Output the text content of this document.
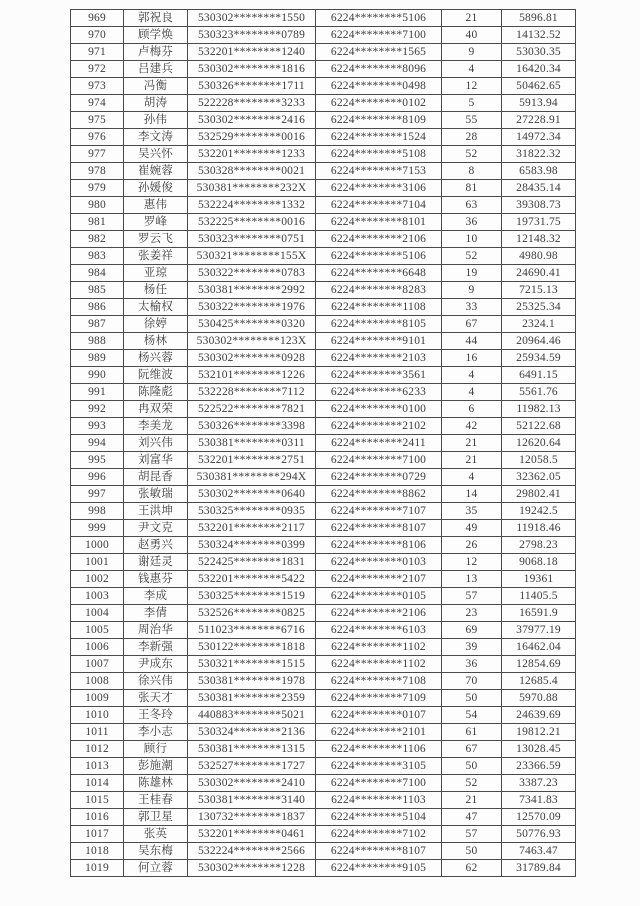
969	郭祝良	530302********1550	6224********5106	21	5896.81
970	顾学焕	530323********0789	6224********7100	40	14132.52
971	卢梅芬	532201********1240	6224********1565	9	53030.35
972	吕建兵	530302********1816	6224********8096	4	16420.34
973	冯衡	530326********1711	6224********0498	12	50462.65
974	胡涛	522228********3233	6224********0102	5	5913.94
975	孙伟	530302********2416	6224********8109	55	27228.91
976	李文涛	532529********0016	6224********1524	28	14972.34
977	吴兴怀	532201********1233	6224********5108	52	31822.32
978	崔婉蓉	530328********0021	6224********7153	8	6583.98
979	孙媛俊	530381********232X	6224********3106	81	28435.14
980	惠伟	532224********1332	6224********7104	63	39308.73
981	罗峰	532225********0016	6224********8101	36	19731.75
982	罗云飞	530323********0751	6224********2106	10	12148.32
983	张姜祥	530321********155X	6224********5106	52	4980.98
984	亚琼	530322********0783	6224********6648	19	24690.41
985	杨任	530381********2992	6224********8283	9	7215.13
986	太榆权	530322********1976	6224********1108	33	25325.34
987	徐婷	530425********0320	6224********8105	67	2324.1
988	杨林	530302********123X	6224********9101	44	20964.46
989	杨兴蓉	530302********0928	6224********2103	16	25934.59
990	阮维波	532101********1226	6224********3561	4	6491.15
991	陈隆彪	532228********7112	6224********6233	4	5561.76
992	冉双荣	522522********7821	6224********0100	6	11982.13
993	李美龙	530326********3398	6224********2102	42	52122.68
994	刘兴伟	530381********0311	6224********2411	21	12620.64
995	刘富华	532201********2751	6224********7100	21	12058.5
996	胡昆香	530381********294X	6224********0729	4	32362.05
997	张敏瑞	530302********0640	6224********8862	14	29802.41
998	王洪坤	530325********0935	6224********7107	35	19242.5
999	尹文克	532201********2117	6224********8107	49	11918.46
1000	赵勇兴	530324********0399	6224********8106	26	2798.23
1001	谢廷灵	522425********1831	6224********0103	12	9068.18
1002	钱惠芬	532201********5422	6224********2107	13	19361
1003	李成	530325********1519	6224********0105	57	11405.5
1004	李倩	532526********0825	6224********2106	23	16591.9
1005	周治华	511023********6716	6224********6103	69	37977.19
1006	李新强	530122********1818	6224********1102	39	16462.04
1007	尹成东	530321********1515	6224********1102	36	12854.69
1008	徐兴伟	530381********1978	6224********7108	70	12685.4
1009	张天才	530381********2359	6224********7109	50	5970.88
1010	王冬玲	440883********5021	6224********0107	54	24639.69
1011	李小志	530324********2136	6224********2101	61	19812.21
1012	顾行	530381********1315	6224********1106	67	13028.45
1013	彭施潮	532527********1727	6224********3105	50	23366.59
1014	陈雄林	530302********2410	6224********7100	52	3387.23
1015	王桂春	530381********3140	6224********1103	21	7341.83
1016	郭卫星	130732********1837	6224********5104	47	12570.09
1017	张英	532201********0461	6224********7102	57	50776.93
1018	吴东梅	532224********2566	6224********8107	50	7463.47
1019	何立蓉	530302********1228	6224********9105	62	31789.84
